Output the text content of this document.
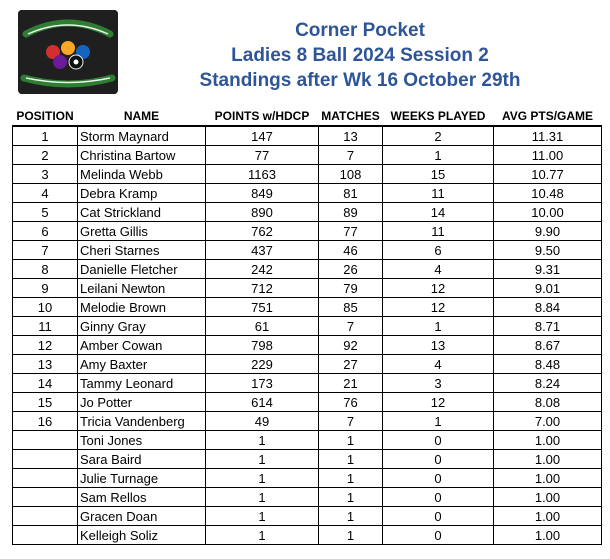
Corner Pocket
Ladies 8 Ball 2024 Session 2
Standings after Wk 16 October 29th
POSITION	NAME	POINTS w/HDCP	MATCHES	WEEKS PLAYED	AVG PTS/GAME
1	Storm Maynard	147	13	2	11.31
2	Christina Bartow	77	7	1	11.00
3	Melinda Webb	1163	108	15	10.77
4	Debra Kramp	849	81	11	10.48
5	Cat Strickland	890	89	14	10.00
6	Gretta Gillis	762	77	11	9.90
7	Cheri Starnes	437	46	6	9.50
8	Danielle Fletcher	242	26	4	9.31
9	Leilani Newton	712	79	12	9.01
10	Melodie Brown	751	85	12	8.84
11	Ginny Gray	61	7	1	8.71
12	Amber Cowan	798	92	13	8.67
13	Amy Baxter	229	27	4	8.48
14	Tammy Leonard	173	21	3	8.24
15	Jo Potter	614	76	12	8.08
16	Tricia Vandenberg	49	7	1	7.00
	Toni Jones	1	1	0	1.00
	Sara Baird	1	1	0	1.00
	Julie Turnage	1	1	0	1.00
	Sam Rellos	1	1	0	1.00
	Gracen Doan	1	1	0	1.00
	Kelleigh Soliz	1	1	0	1.00
